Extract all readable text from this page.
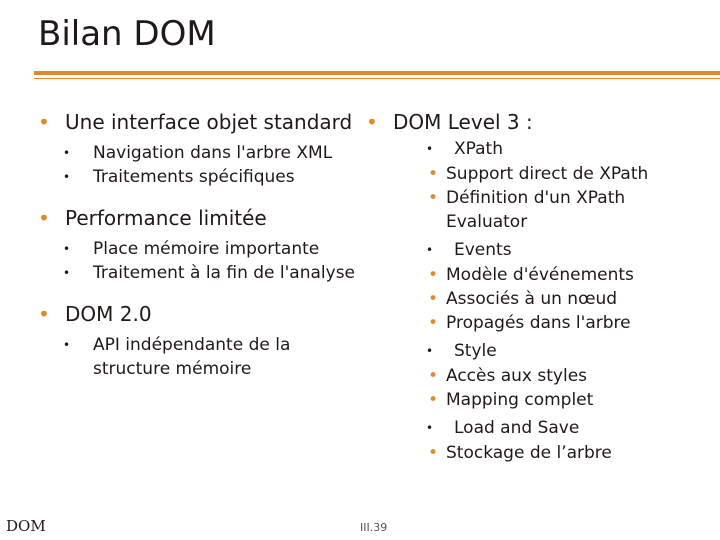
Bilan DOM
• Une interface objet standard
• Navigation dans l'arbre XML
• Traitements spécifiques
• Performance limitée
• Place mémoire importante
• Traitement à la fin de l'analyse
• DOM 2.0
• API indépendante de la structure mémoire
• DOM Level 3 :
• XPath
• Support direct de XPath
• Définition d'un XPath Evaluator
• Events
• Modèle d'événements
• Associés à un nœud
• Propagés dans l'arbre
• Style
• Accès aux styles
• Mapping complet
• Load and Save
• Stockage de l’arbre
DOM	III.39
